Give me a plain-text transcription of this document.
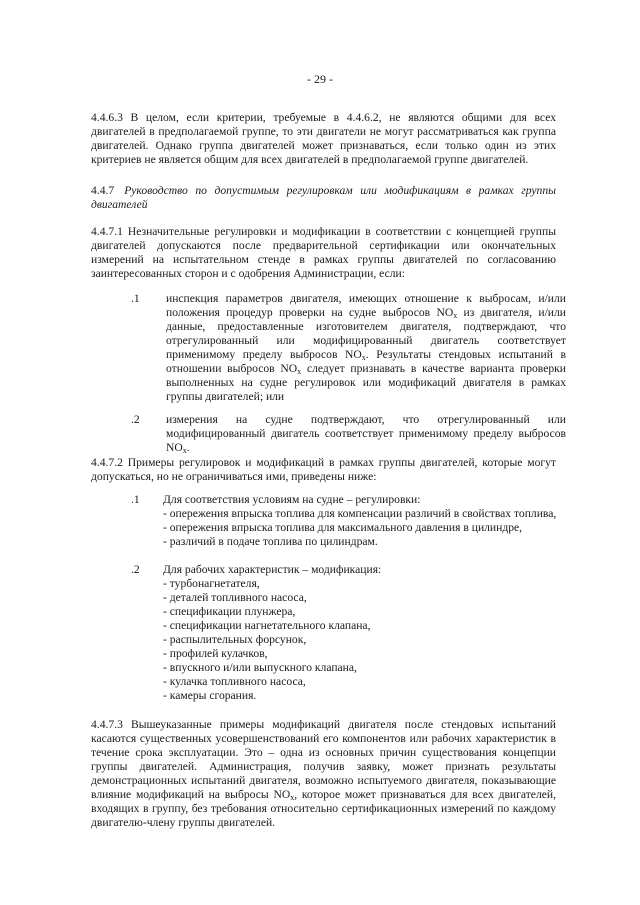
- 29 -

4.4.6.3 В целом, если критерии, требуемые в 4.4.6.2, не являются общими для всех двигателей в предполагаемой группе, то эти двигатели не могут рассматриваться как группа двигателей. Однако группа двигателей может признаваться, если только один из этих критериев не является общим для всех двигателей в предполагаемой группе двигателей.

4.4.7 Руководство по допустимым регулировкам или модификациям в рамках группы двигателей

4.4.7.1 Незначительные регулировки и модификации в соответствии с концепцией группы двигателей допускаются после предварительной сертификации или окончательных измерений на испытательном стенде в рамках группы двигателей по согласованию заинтересованных сторон и с одобрения Администрации, если:

.1	инспекция параметров двигателя, имеющих отношение к выбросам, и/или положения процедур проверки на судне выбросов $NO_x$ из двигателя, и/или данные, предоставленные изготовителем двигателя, подтверждают, что отрегулированный или модифицированный двигатель соответствует применимому пределу выбросов $NO_x$. Результаты стендовых испытаний в отношении выбросов $NO_x$ следует признавать в качестве варианта проверки выполненных на судне регулировок или модификаций двигателя в рамках группы двигателей; или

.2	измерения на судне подтверждают, что отрегулированный или модифицированный двигатель соответствует применимому пределу выбросов $NO_x$.

4.4.7.2 Примеры регулировок и модификаций в рамках группы двигателей, которые могут допускаться, но не ограничиваться ими, приведены ниже:

.1	Для соответствия условиям на судне – регулировки:

- опережения впрыска топлива для компенсации различий в свойствах топлива,
- опережения впрыска топлива для максимального давления в цилиндре,
- различий в подаче топлива по цилиндрам.
.2	Для рабочих характеристик – модификация:

- турбонагнетателя,
- деталей топливного насоса,
- спецификации плунжера,
- спецификации нагнетательного клапана,
- распылительных форсунок,
- профилей кулачков,
- впускного и/или выпускного клапана,
- кулачка топливного насоса,
- камеры сгорания.

4.4.7.3 Вышеуказанные примеры модификаций двигателя после стендовых испытаний касаются существенных усовершенствований его компонентов или рабочих характеристик в течение срока эксплуатации. Это – одна из основных причин существования концепции группы двигателей. Администрация, получив заявку, может признать результаты демонстрационных испытаний двигателя, возможно испытуемого двигателя, показывающие влияние модификаций на выбросы $NO_x$, которое может признаваться для всех двигателей, входящих в группу, без требования относительно сертификационных измерений по каждому двигателю-члену группы двигателей.
